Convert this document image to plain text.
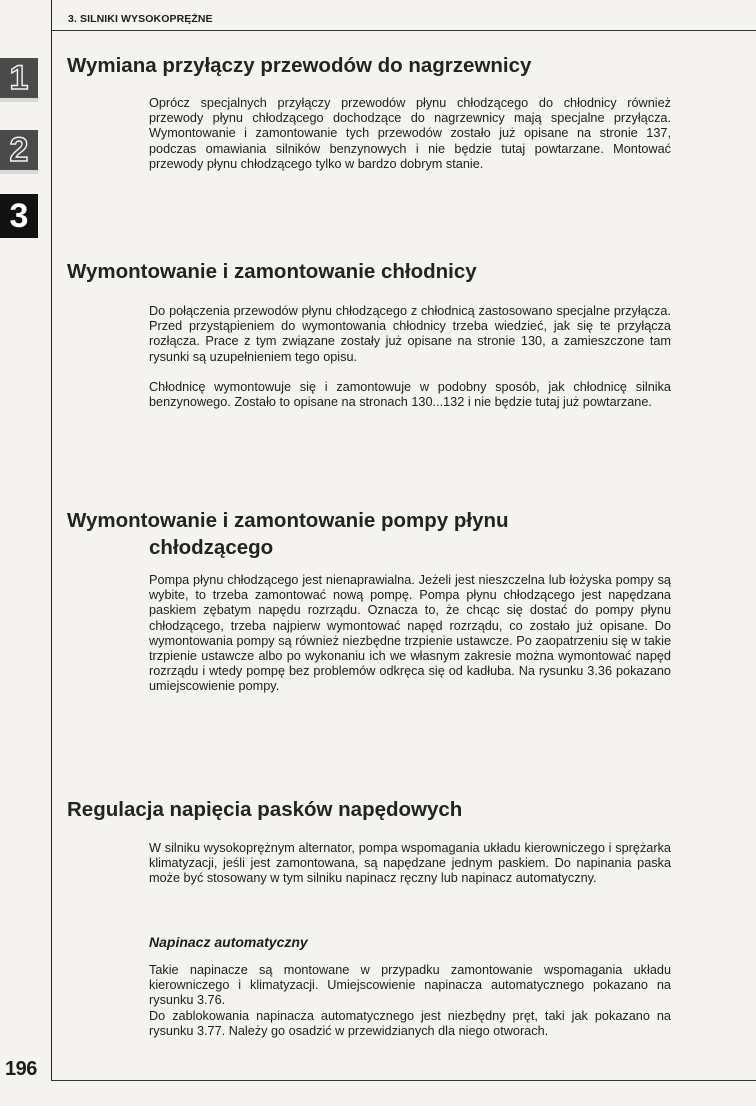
3. SILNIKI WYSOKOPRĘŻNE
1
2
3
Wymiana przyłączy przewodów do nagrzewnicy

Oprócz specjalnych przyłączy przewodów płynu chłodzącego do chłodnicy również przewody płynu chłodzącego dochodzące do nagrzewnicy mają specjalne przyłącza. Wymontowanie i zamontowanie tych przewodów zostało już opisane na stronie 137, podczas omawiania silników benzynowych i nie będzie tutaj powtarzane. Montować przewody płynu chłodzącego tylko w bardzo dobrym stanie.

Wymontowanie i zamontowanie chłodnicy

Do połączenia przewodów płynu chłodzącego z chłodnicą zastosowano specjalne przyłącza. Przed przystąpieniem do wymontowania chłodnicy trzeba wiedzieć, jak się te przyłącza rozłącza. Prace z tym związane zostały już opisane na stronie 130, a zamieszczone tam rysunki są uzupełnieniem tego opisu.

Chłodnicę wymontowuje się i zamontowuje w podobny sposób, jak chłodnicę silnika benzynowego. Zostało to opisane na stronach 130...132 i nie będzie tutaj już powtarzane.

Wymontowanie i zamontowanie pompy płynu
chłodzącego

Pompa płynu chłodzącego jest nienaprawialna. Jeżeli jest nieszczelna lub łożyska pompy są wybite, to trzeba zamontować nową pompę. Pompa płynu chłodzącego jest napędzana paskiem zębatym napędu rozrządu. Oznacza to, że chcąc się dostać do pompy płynu chłodzącego, trzeba najpierw wymontować napęd rozrządu, co zostało już opisane. Do wymontowania pompy są również niezbędne trzpienie ustawcze. Po zaopatrzeniu się w takie trzpienie ustawcze albo po wykonaniu ich we własnym zakresie można wymontować napęd rozrządu i wtedy pompę bez problemów odkręca się od kadłuba. Na rysunku 3.36 pokazano umiejscowienie pompy.

Regulacja napięcia pasków napędowych

W silniku wysokoprężnym alternator, pompa wspomagania układu kierowniczego i sprężarka klimatyzacji, jeśli jest zamontowana, są napędzane jednym paskiem. Do napinania paska może być stosowany w tym silniku napinacz ręczny lub napinacz automatyczny.

Napinacz automatyczny

Takie napinacze są montowane w przypadku zamontowanie wspomagania układu kierowniczego i klimatyzacji. Umiejscowienie napinacza automatycznego pokazano na rysunku 3.76.

Do zablokowania napinacza automatycznego jest niezbędny pręt, taki jak pokazano na rysunku 3.77. Należy go osadzić w przewidzianych dla niego otworach.

196
